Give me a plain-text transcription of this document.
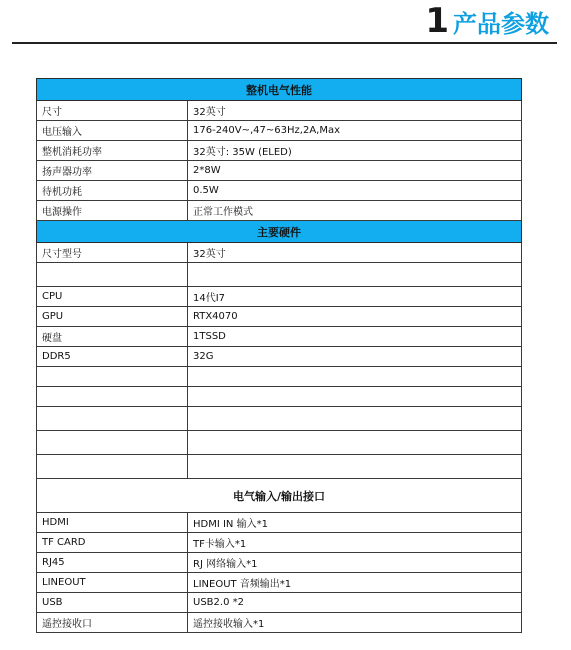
1 产品参数
整机电气性能	
尺寸	32英寸
电压输入	176-240V~,47~63Hz,2A,Max
整机消耗功率	32英寸: 35W (ELED)
扬声器功率	2*8W
待机功耗	0.5W
电源操作	正常工作模式
主要硬件	
尺寸型号	32英寸

CPU	14代I7
GPU	RTX4070
硬盘	1TSSD
DDR5	32G

电气输入/输出接口	
HDMI	HDMI IN 输入*1
TF CARD	TF卡输入*1
RJ45	RJ 网络输入*1
LINEOUT	LINEOUT 音频输出*1
USB	USB2.0 *2
遥控接收口	遥控接收输入*1
